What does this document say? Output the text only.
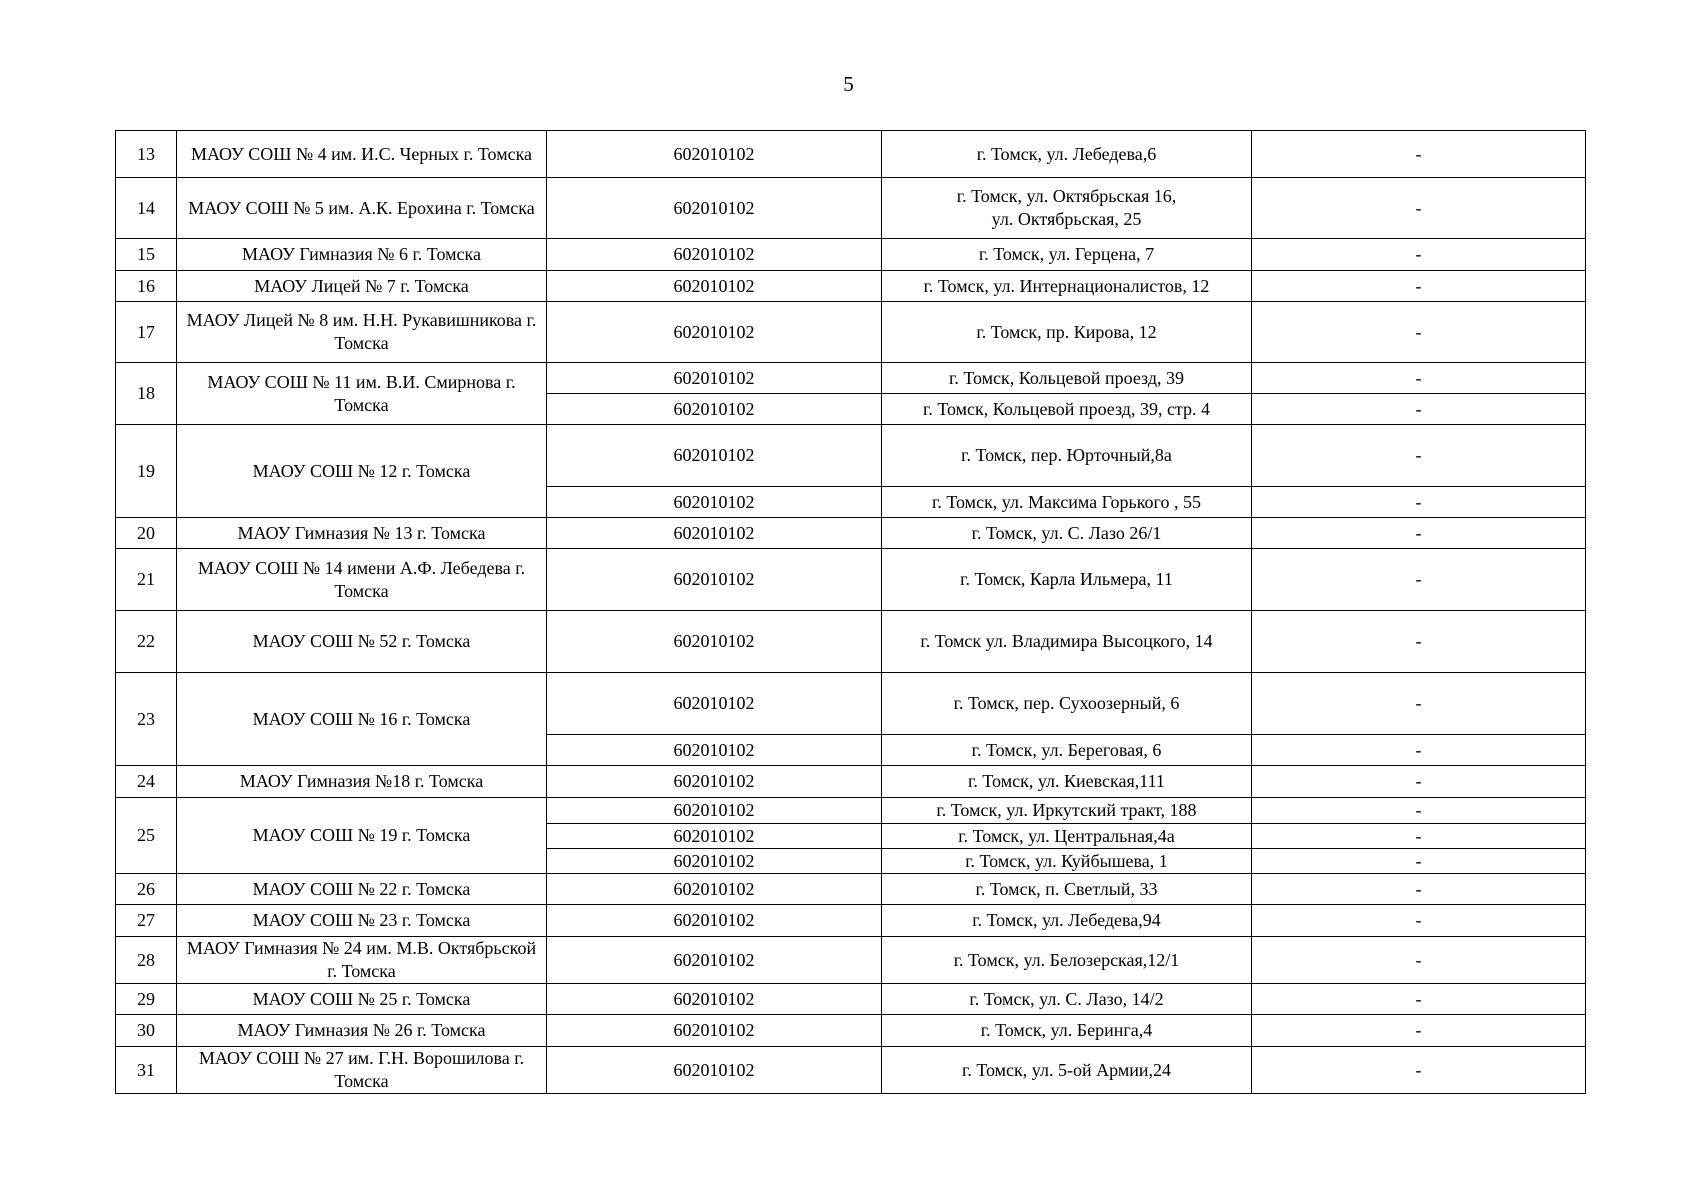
5
13	МАОУ СОШ № 4 им. И.С. Черных г. Томска	602010102	г. Томск, ул. Лебедева,6	-
14	МАОУ СОШ № 5 им. А.К. Ерохина г. Томска	602010102	г. Томск, ул. Октябрьская 16,
ул. Октябрьская, 25	-
15	МАОУ Гимназия № 6 г. Томска	602010102	г. Томск, ул. Герцена, 7	-
16	МАОУ Лицей № 7 г. Томска	602010102	г. Томск, ул. Интернационалистов, 12	-
17	МАОУ Лицей № 8 им. Н.Н. Рукавишникова г. Томска	602010102	г. Томск, пр. Кирова, 12	-
18	МАОУ СОШ № 11 им. В.И. Смирнова г. Томска	602010102	г. Томск, Кольцевой проезд, 39	-
		602010102	г. Томск, Кольцевой проезд, 39, стр. 4	-
19	МАОУ СОШ № 12 г. Томска	602010102	г. Томск, пер. Юрточный,8а	-
		602010102	г. Томск, ул. Максима Горького , 55	-
20	МАОУ Гимназия № 13 г. Томска	602010102	г. Томск, ул. С. Лазо 26/1	-
21	МАОУ СОШ № 14 имени А.Ф. Лебедева г. Томска	602010102	г. Томск, Карла Ильмера, 11	-
22	МАОУ СОШ № 52 г. Томска	602010102	г. Томск ул. Владимира Высоцкого, 14	-
23	МАОУ СОШ № 16 г. Томска	602010102	г. Томск, пер. Сухоозерный, 6	-
		602010102	г. Томск, ул. Береговая, 6	-
24	МАОУ Гимназия №18 г. Томска	602010102	г. Томск, ул. Киевская,111	-
25	МАОУ СОШ № 19 г. Томска	602010102	г. Томск, ул. Иркутский тракт, 188	-
		602010102	г. Томск, ул. Центральная,4а	-
		602010102	г. Томск, ул. Куйбышева, 1	-
26	МАОУ СОШ № 22 г. Томска	602010102	г. Томск, п. Светлый, 33	-
27	МАОУ СОШ № 23 г. Томска	602010102	г. Томск, ул. Лебедева,94	-
28	МАОУ Гимназия № 24 им. М.В. Октябрьской г. Томска	602010102	г. Томск, ул. Белозерская,12/1	-
29	МАОУ СОШ № 25 г. Томска	602010102	г. Томск, ул. С. Лазо, 14/2	-
30	МАОУ Гимназия № 26 г. Томска	602010102	г. Томск, ул. Беринга,4	-
31	МАОУ СОШ № 27 им. Г.Н. Ворошилова г. Томска	602010102	г. Томск, ул. 5-ой Армии,24	-
